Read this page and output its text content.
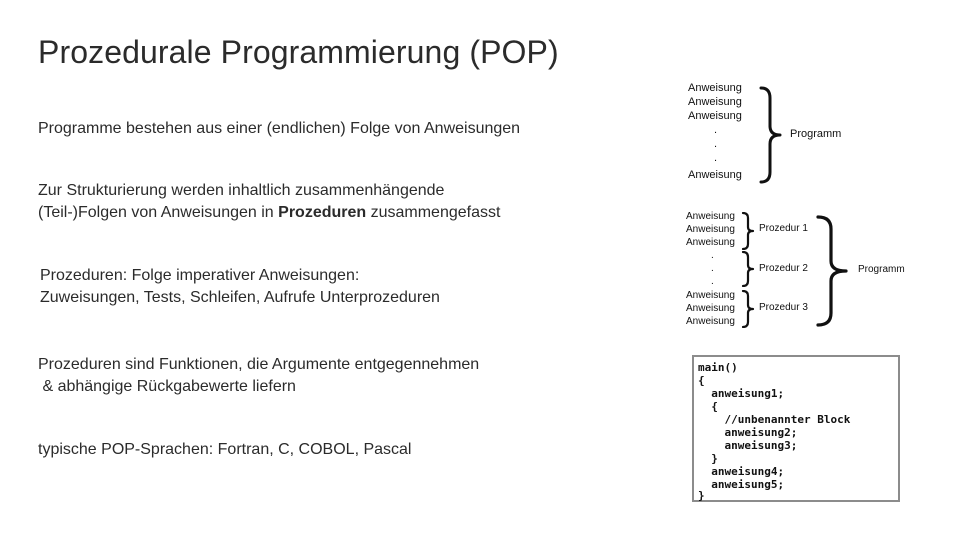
Prozedurale Programmierung (POP)
Programme bestehen aus einer (endlichen) Folge von Anweisungen
Zur Strukturierung werden inhaltlich zusammenhängende
(Teil-)Folgen von Anweisungen in Prozeduren zusammengefasst
Prozeduren: Folge imperativer Anweisungen:
Zuweisungen, Tests, Schleifen, Aufrufe Unterprozeduren
Prozeduren sind Funktionen, die Argumente entgegennehmen
& abhängige Rückgabewerte liefern
typische POP-Sprachen: Fortran, C, COBOL, Pascal
Anweisung
Anweisung
Anweisung
.
.
.
Anweisung
Programm
Anweisung
Anweisung
Anweisung
.
.
.
Anweisung
Anweisung
Anweisung
Prozedur 1
Prozedur 2
Prozedur 3
Programm
main()
{
anweisung1;
{
//unbenannter Block
anweisung2;
anweisung3;
}
anweisung4;
anweisung5;
}
